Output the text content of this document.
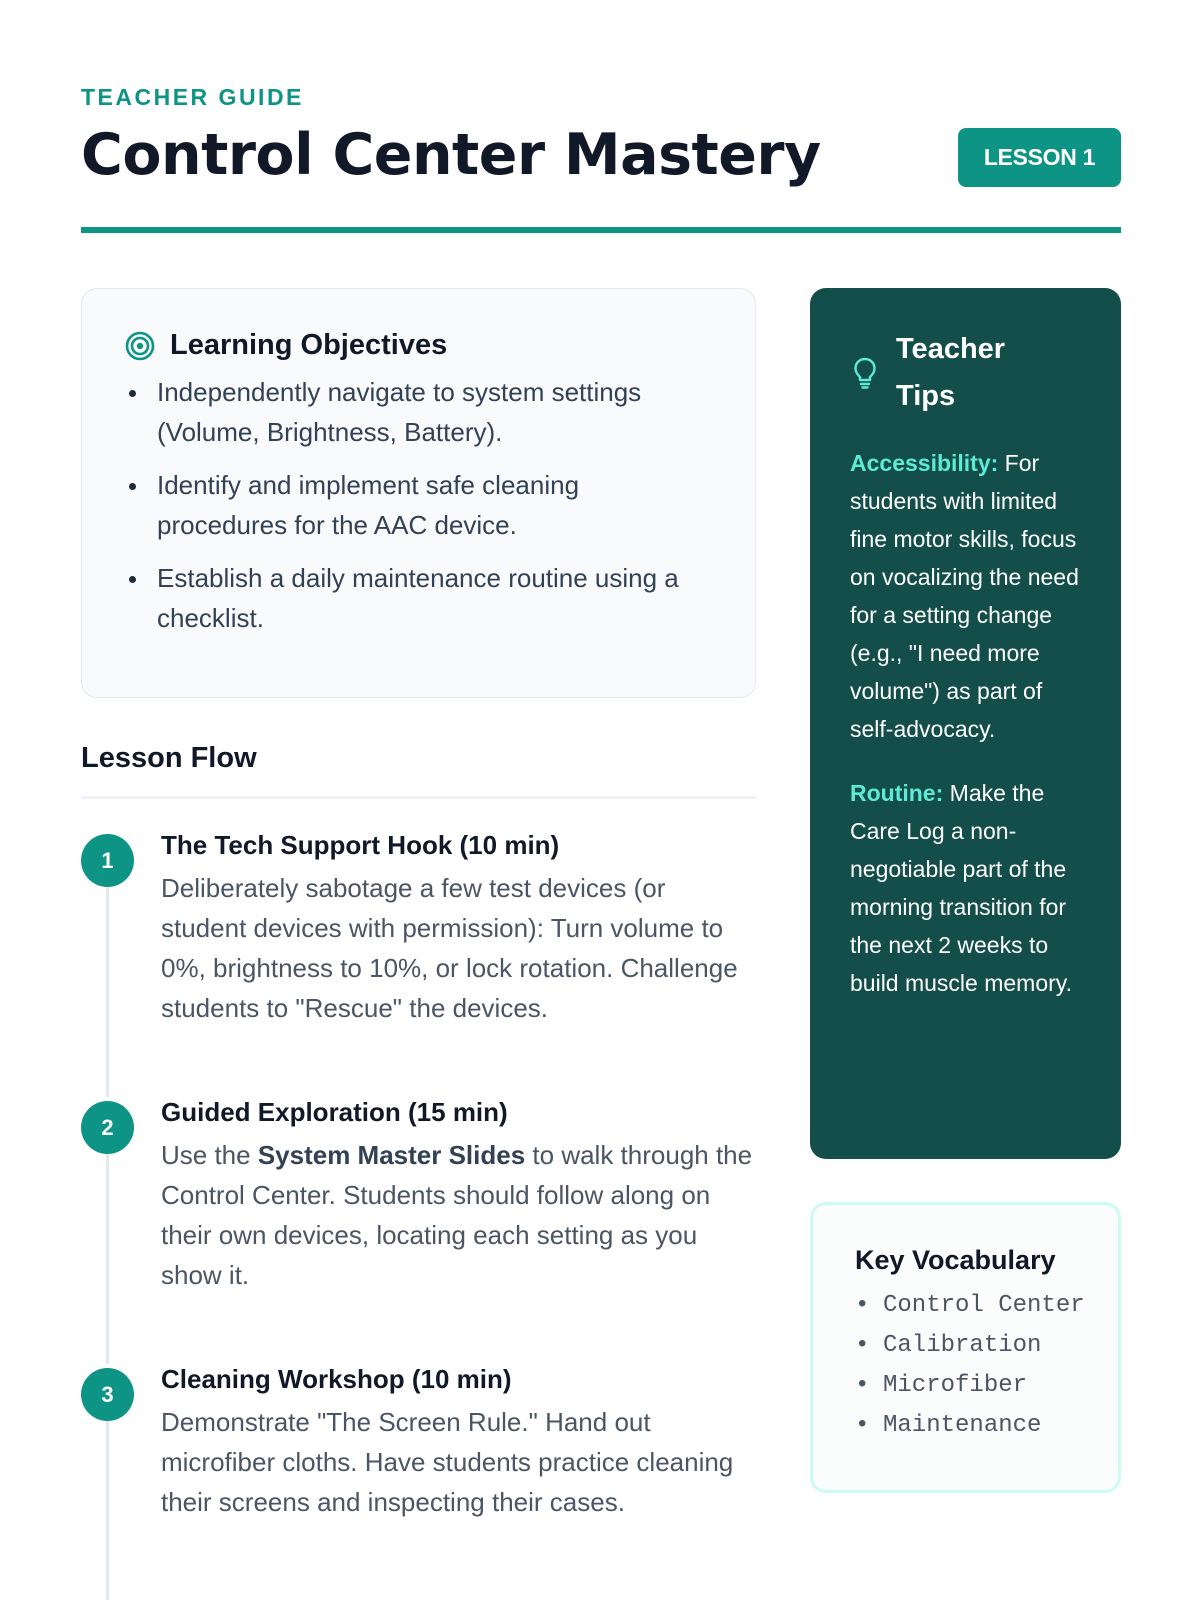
TEACHER GUIDE
Control Center Mastery	LESSON 1
Learning Objectives
Independently navigate to system settings (Volume, Brightness, Battery).
Identify and implement safe cleaning procedures for the AAC device.
Establish a daily maintenance routine using a checklist.
Lesson Flow
1	The Tech Support Hook (10 min)
Deliberately sabotage a few test devices (or student devices with permission): Turn volume to 0%, brightness to 10%, or lock rotation. Challenge students to "Rescue" the devices.
2	Guided Exploration (15 min)
Use the System Master Slides to walk through the Control Center. Students should follow along on their own devices, locating each setting as you show it.
3	Cleaning Workshop (10 min)
Demonstrate "The Screen Rule." Hand out microfiber cloths. Have students practice cleaning their screens and inspecting their cases.
Teacher Tips

Accessibility: For students with limited fine motor skills, focus on vocalizing the need for a setting change (e.g., "I need more volume") as part of self-advocacy.

Routine: Make the Care Log a non-negotiable part of the morning transition for the next 2 weeks to build muscle memory.

Key Vocabulary
• Control Center
• Calibration
• Microfiber
• Maintenance
